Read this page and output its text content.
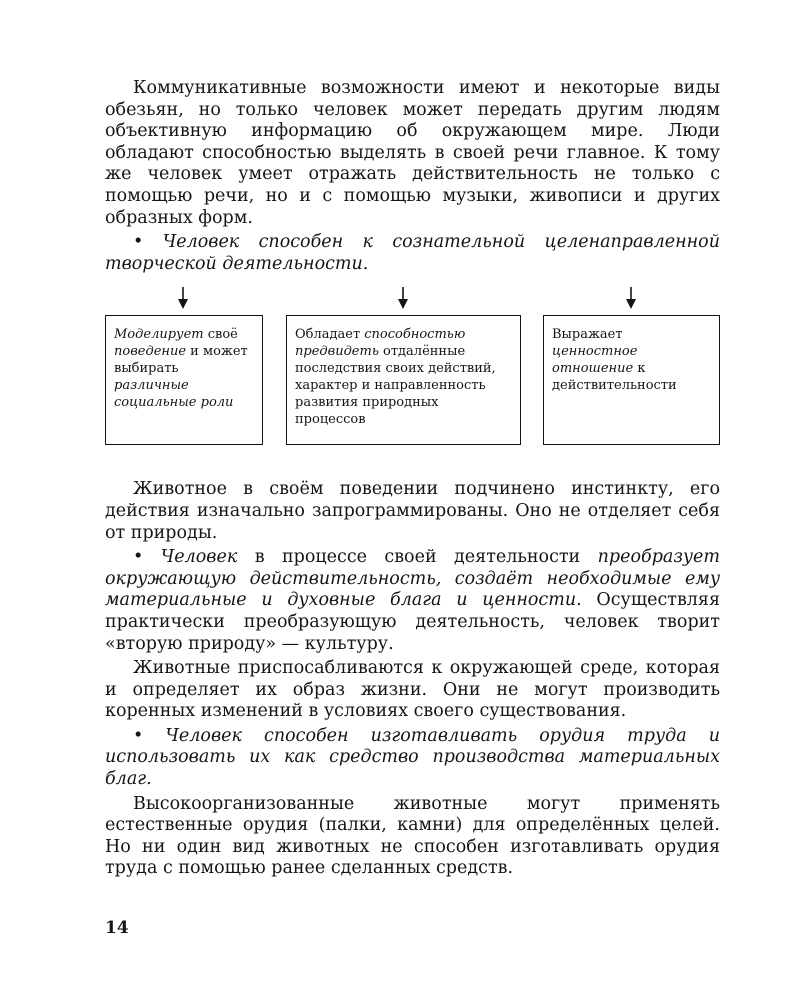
Коммуникативные возможности имеют и некоторые виды обезьян, но только человек может передать другим людям объективную информацию об окружающем мире. Люди обладают способностью выделять в своей речи главное. К тому же человек умеет отражать действительность не только с помощью речи, но и с помощью музыки, живописи и других образных форм.

• Человек способен к сознательной целенаправленной творческой деятельности.

Моделирует своё поведение и может выбирать различные социальные роли
Обладает способностью предвидеть отдалённые последствия своих действий, характер и направленность развития природных процессов
Выражает ценностное отношение к действительности

Животное в своём поведении подчинено инстинкту, его действия изначально запрограммированы. Оно не отделяет себя от природы.

• Человек в процессе своей деятельности преобразует окружающую действительность, создаёт необходимые ему материальные и духовные блага и ценности. Осуществляя практически преобразующую деятельность, человек творит «вторую природу» — культуру.

Животные приспосабливаются к окружающей среде, которая и определяет их образ жизни. Они не могут производить коренных изменений в условиях своего существования.

• Человек способен изготавливать орудия труда и использовать их как средство производства материальных благ.

Высокоорганизованные животные могут применять естественные орудия (палки, камни) для определённых целей. Но ни один вид животных не способен изготавливать орудия труда с помощью ранее сделанных средств.

14
